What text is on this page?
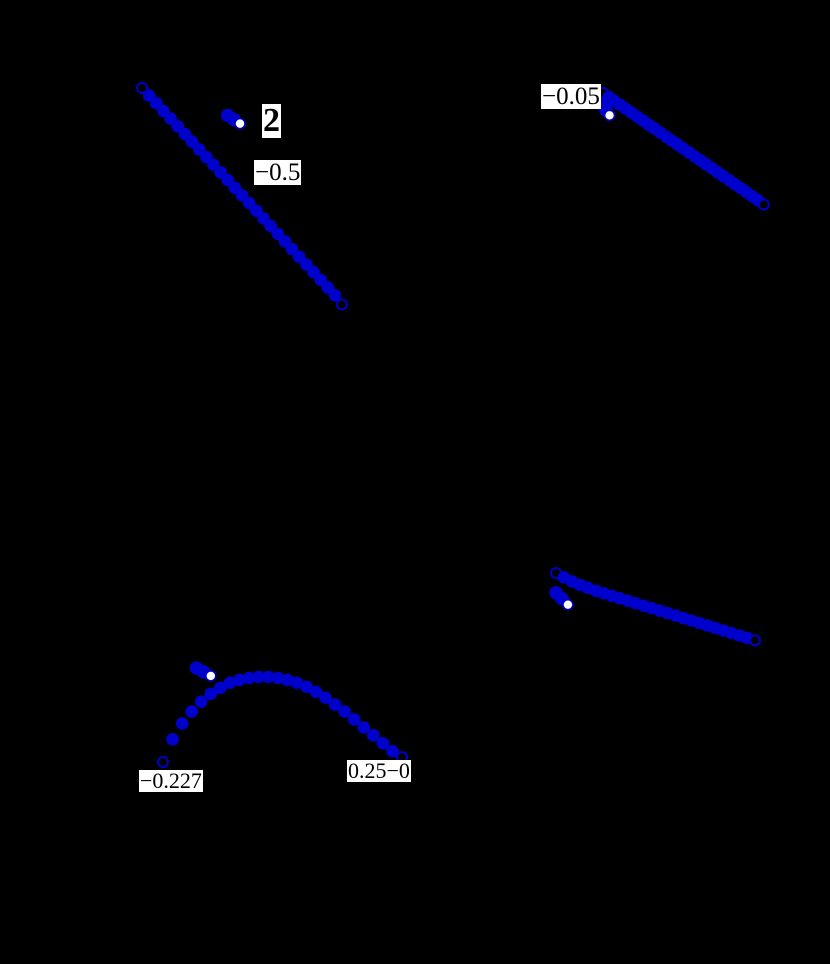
2
−0.5
−0.05
−0.227	0.25−0
